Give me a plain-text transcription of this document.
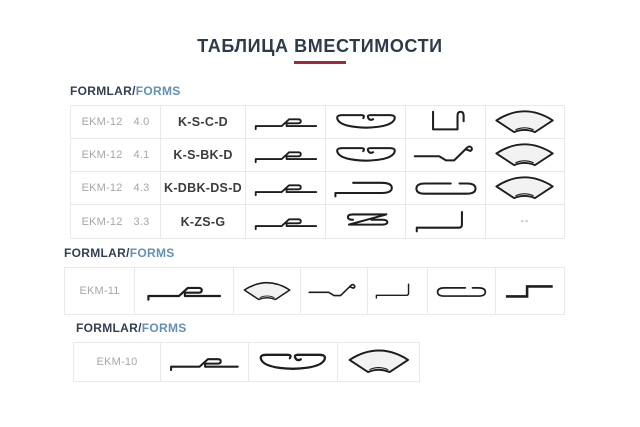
ТАБЛИЦА ВМЕСТИМОСТИ
FORMLAR/FORMS
EKM-12 4.0	K-S-C-D
EKM-12 4.1	K-S-BK-D
EKM-12 4.3 K-DBK-DS-D
EKM-12 3.3	K-ZS-G	--
FORMLAR/FORMS
EKM-11
FORMLAR/FORMS
EKM-10
